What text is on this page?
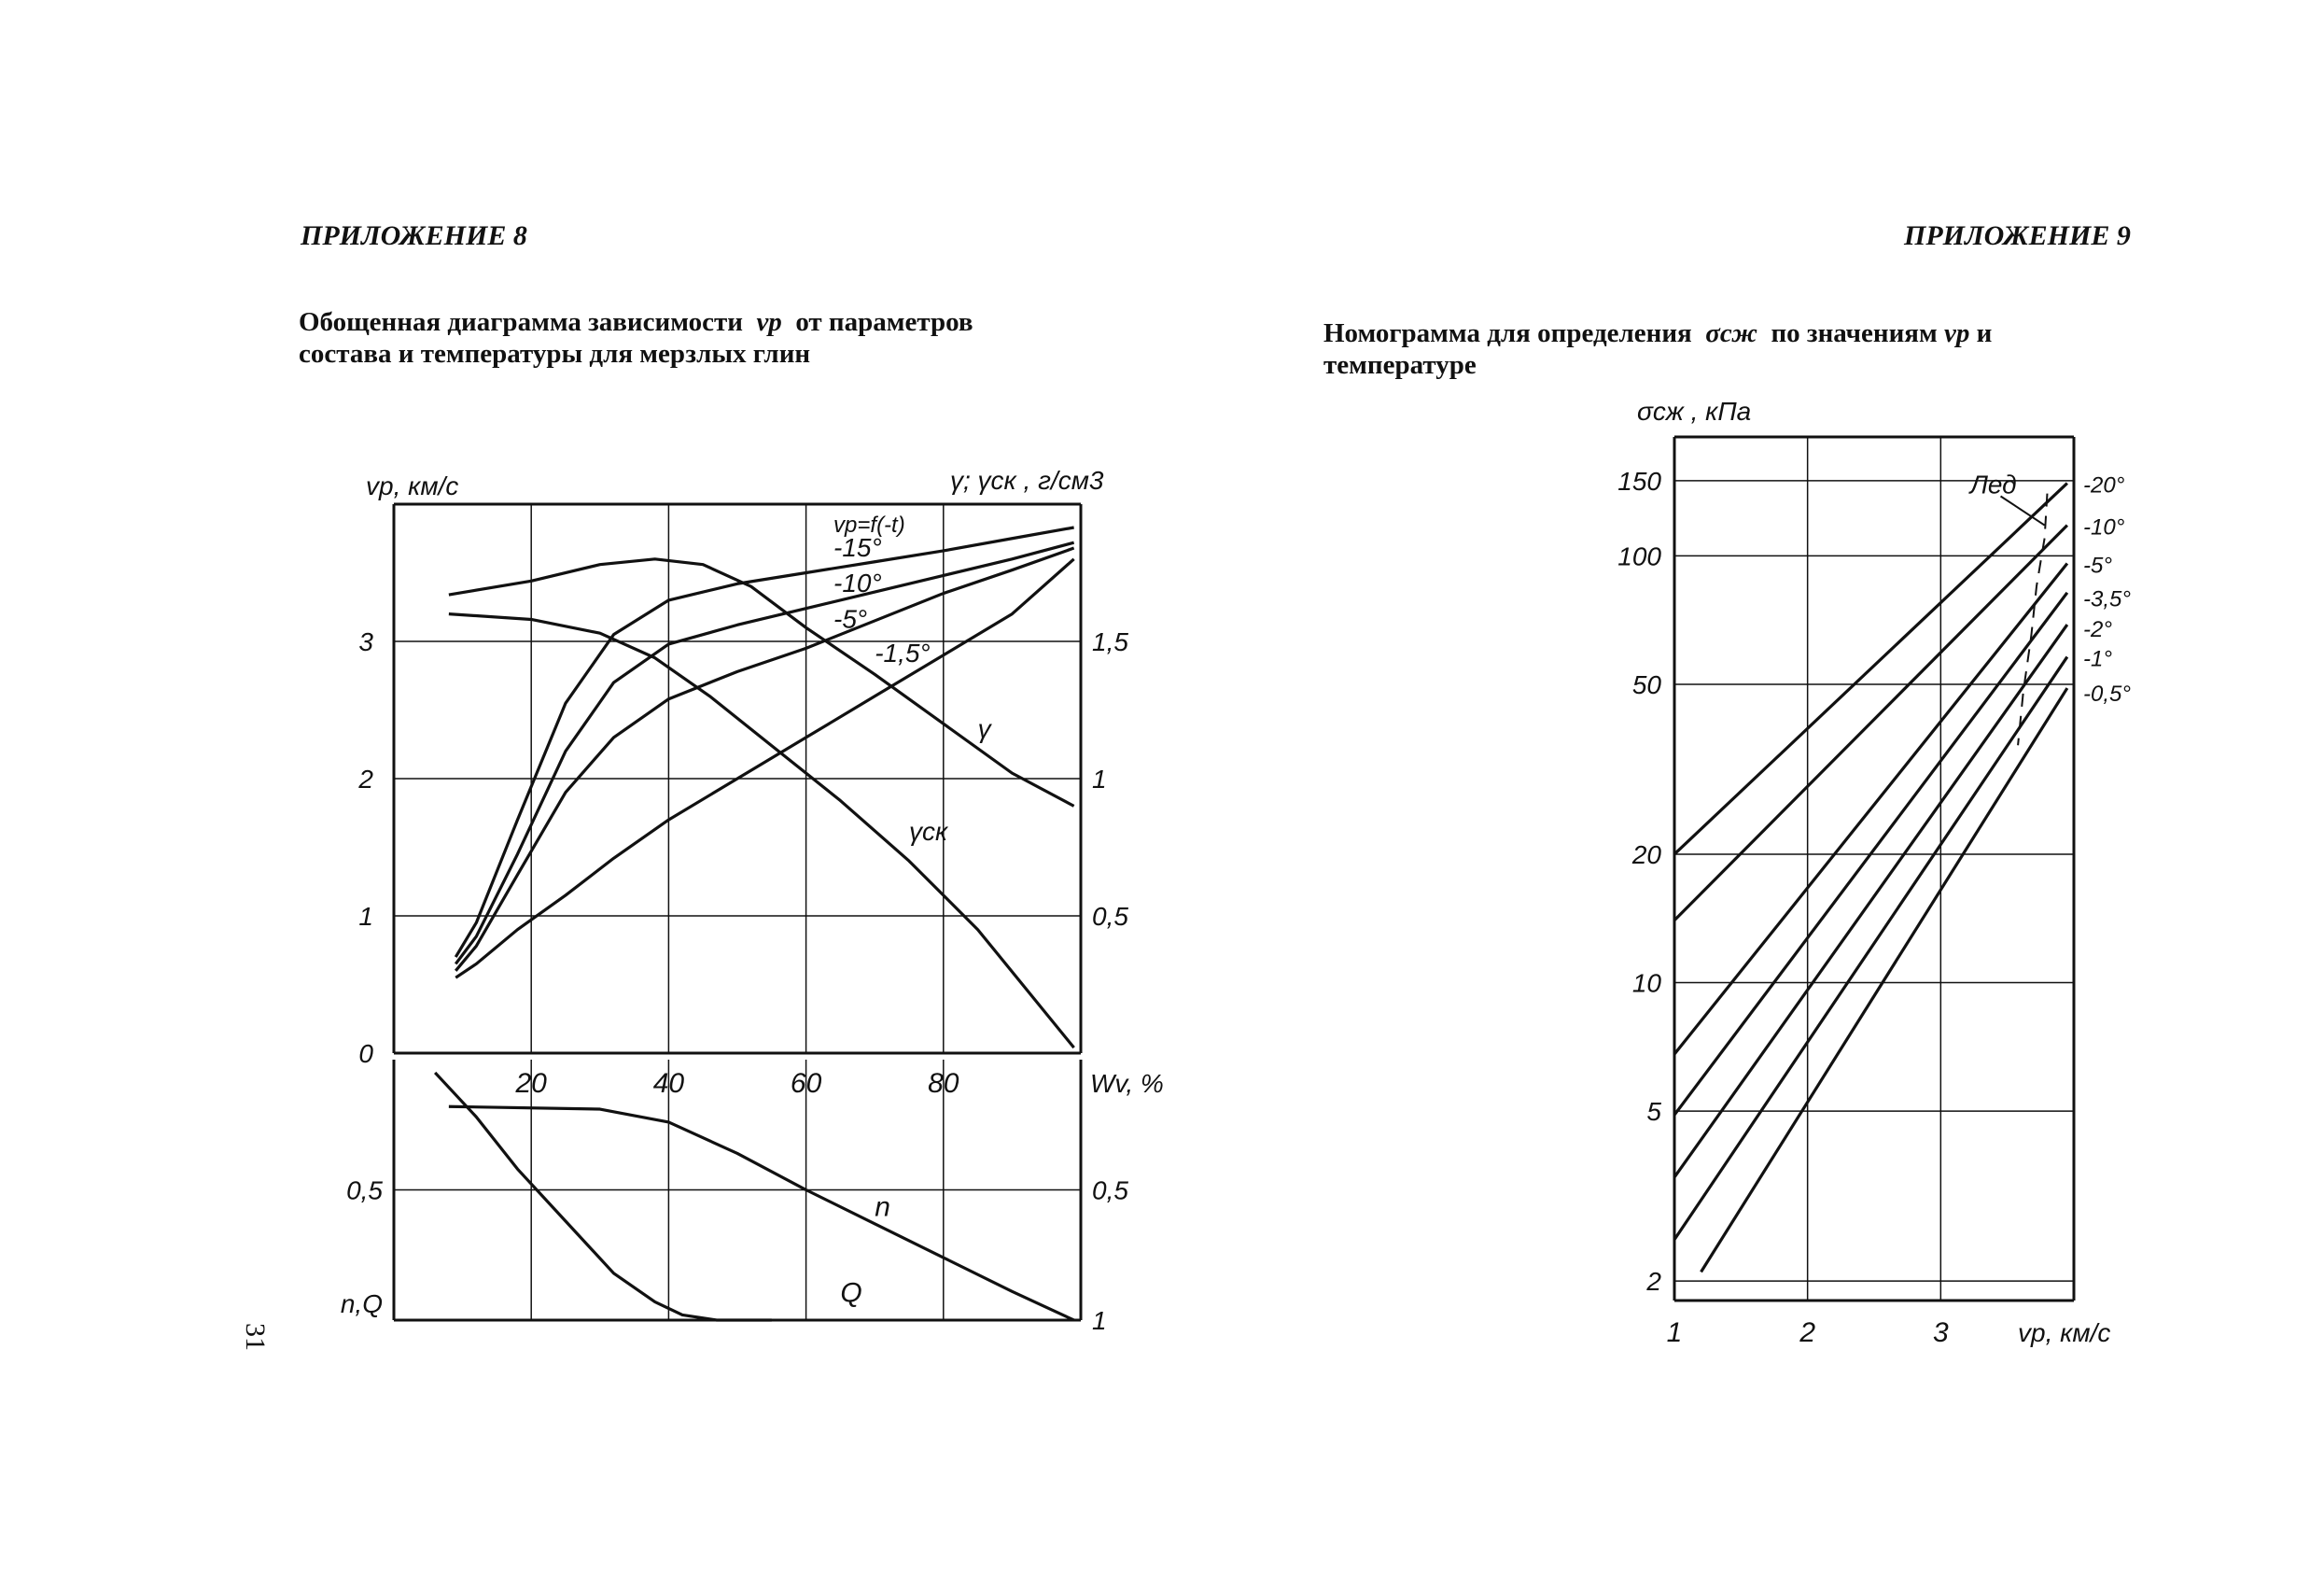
ПРИЛОЖЕНИЕ 8	ПРИЛОЖЕНИЕ 9
Обощенная диаграмма зависимости vp от параметров
состава и температуры для мерзлых глин
Номограмма для определения σсж по значениям vp и
температуре
31
20	40	60	80
0
1
2
3
0,5
1
1,5
vp, км/с	γ; γск , г/см3
Wv, %
vp=f(-t)
-15°
-10°
-5°
-1,5°
γ
γск
0,5	0,5
1
n,Q
n
Q	2
5
10
20
50
100
150
1	2	3
σсж , кПа
vp, км/с
-20°
-10°
-5°
-3,5°
-2°
-1°
-0,5°
Лед
